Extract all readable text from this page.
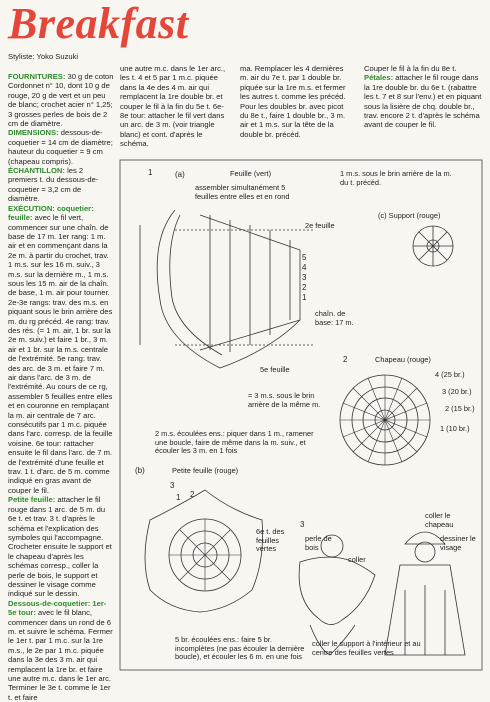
Breakfast
Styliste: Yoko Suzuki

FOURNITURES: 30 g de coton Cordonnet n° 10, dont 10 g de rouge, 20 g de vert et un peu de blanc; crochet acier n° 1,25; 3 grosses perles de bois de 2 cm de diamètre.

DIMENSIONS: dessous-de-coquetier = 14 cm de diamètre; hauteur du coquetier = 9 cm (chapeau compris).

ÉCHANTILLON: les 2 premiers t. du dessous-de-coquetier = 3,2 cm de diamètre.

EXÉCUTION: coquetier: feuille: avec le fil vert, commencer sur une chaîn. de base de 17 m. 1er rang: 1 m. air et en commençant dans la 2e m. à partir du crochet, trav. 1 m.s. sur les 16 m. suiv., 3 m.s. sur la dernière m., 1 m.s. sous les 15 m. air de la chaîn. de base, 1 m. air pour tourner. 2e-3e rangs: trav. des m.s. en piquant sous le brin arrière des m. du rg précéd. 4e rang: trav. des rés. (= 1 m. air, 1 br. sur la 2e m. suiv.) et faire 1 br., 3 m. air et 1 br. sur la m.s. centrale de l'extrémité. 5e rang: trav. des arc. de 3 m. et faire 7 m. air dans l'arc. de 3 m. de l'extrémité. Au cours de ce rg, assembler 5 feuilles entre elles et en couronne en remplaçant la m. air centrale de 7 arc. consécutifs par 1 m.c. piquée dans l'arc. corresp. de la feuille voisine. 6e tour: rattacher ensuite le fil dans l'arc. de 7 m. de l'extrémité d'une feuille et trav. 1 t. d'arc. de 5 m. comme indiqué en gras avant de couper le fil.

Petite feuille: attacher le fil rouge dans 1 arc. de 5 m. du 6e t. et trav. 3 t. d'après le schéma et l'explication des symboles qui l'accompagne. Crocheter ensuite le support et le chapeau d'après les schémas corresp., coller la perle de bois, le support et dessiner le visage comme indiqué sur le dessin.

Dessous-de-coquetier: 1er-5e tour: avec le fil blanc, commencer dans un rond de 6 m. et suivre le schéma. Fermer le 1er t. par 1 m.c. sur la 1re m.s., le 2e par 1 m.c. piquée dans la 3e des 3 m. air qui remplacent la 1re br. et faire une autre m.c. dans le 1er arc. Terminer le 3e t. comme le 1er t. et faire

une autre m.c. dans le 1er arc., les t. 4 et 5 par 1 m.c. piquée dans la 4e des 4 m. air qui remplacent la 1re double br. et couper le fil à la fin du 5e t. 6e-8e tour: attacher le fil vert dans un arc. de 3 m. (voir triangle blanc) et cont. d'après le schéma.
ma. Remplacer les 4 dernières m. air du 7e t. par 1 double br. piquée sur la 1re m.s. et fermer les autres t. comme les précéd. Pour les doubles br. avec picot du 8e t., faire 1 double br., 3 m. air et 1 m.s. sur la tête de la double br. précéd.
Couper le fil à la fin du 8e t.
Pétales: attacher le fil rouge dans la 1re double br. du 6e t. (rabattre les t. 7 et 8 sur l'env.) et en piquant sous la lisière de chq. double br., trav. encore 2 t. d'après le schéma avant de couper le fil.
1	(a)	Feuille (vert)
assembler simultanément 5 feuilles entre elles et en rond
2e feuille
5e feuille
chaîn. de base: 17 m.
5
4
3
2
1
1 m.s. sous le brin arrière de la m. du t. précéd.
(c) Support (rouge)
2	Chapeau (rouge)
4 (25 br.)
3 (20 br.)
2 (15 br.)
1 (10 br.)
= 3 m.s. sous le brin arrière de la même m.
2 m.s. écoulées ens.: piquer dans 1 m., ramener une boucle, faire de même dans la m. suiv., et écouler les 3 m. en 1 fois
(b)	Petite feuille (rouge)
1 2
3
6e t. des feuilles vertes
3
perle de bois
coller
coller le chapeau
dessiner le visage
coller le support à l'intérieur et au centre des feuilles vertes
5 br. écoulées ens.: faire 5 br. incomplètes (ne pas écouler la dernière boucle), et écouler les 6 m. en une fois
